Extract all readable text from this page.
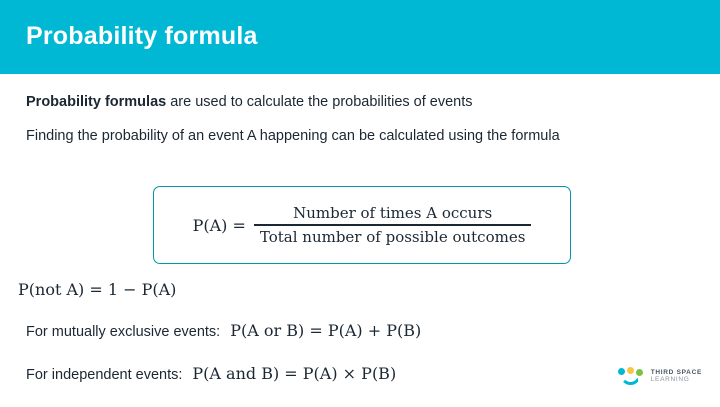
Probability formula
Probability formulas are used to calculate the probabilities of events
Finding the probability of an event A happening can be calculated using the formula
$P(A) = \frac{\text{Number of times A occurs}}{\text{Total number of possible outcomes}}$
P(not A) = 1 − P(A)
For mutually exclusive events: P(A or B) = P(A) + P(B)
For independent events: P(A and B) = P(A) × P(B)	THIRD SPACE
LEARNING
